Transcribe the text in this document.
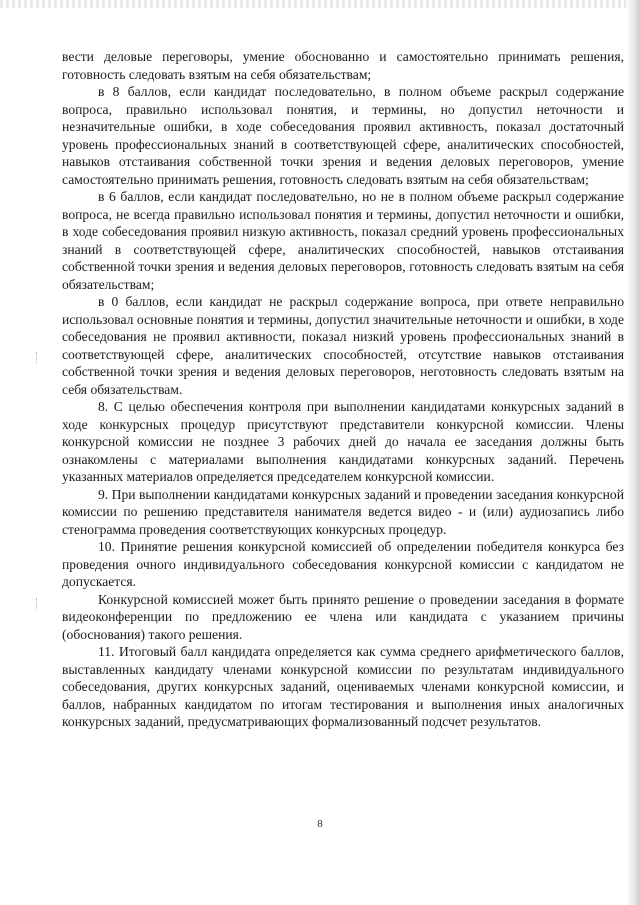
вести деловые переговоры, умение обоснованно и самостоятельно принимать решения, готовность следовать взятым на себя обязательствам;

в 8 баллов, если кандидат последовательно, в полном объеме раскрыл содержание вопроса, правильно использовал понятия, и термины, но допустил неточности и незначительные ошибки, в ходе собеседования проявил активность, показал достаточный уровень профессиональных знаний в соответствующей сфере, аналитических способностей, навыков отстаивания собственной точки зрения и ведения деловых переговоров, умение самостоятельно принимать решения, готовность следовать взятым на себя обязательствам;

в 6 баллов, если кандидат последовательно, но не в полном объеме раскрыл содержание вопроса, не всегда правильно использовал понятия и термины, допустил неточности и ошибки, в ходе собеседования проявил низкую активность, показал средний уровень профессиональных знаний в соответствующей сфере, аналитических способностей, навыков отстаивания собственной точки зрения и ведения деловых переговоров, готовность следовать взятым на себя обязательствам;

в 0 баллов, если кандидат не раскрыл содержание вопроса, при ответе неправильно использовал основные понятия и термины, допустил значительные неточности и ошибки, в ходе собеседования не проявил активности, показал низкий уровень профессиональных знаний в соответствующей сфере, аналитических способностей, отсутствие навыков отстаивания собственной точки зрения и ведения деловых переговоров, неготовность следовать взятым на себя обязательствам.

8. С целью обеспечения контроля при выполнении кандидатами конкурсных заданий в ходе конкурсных процедур присутствуют представители конкурсной комиссии. Члены конкурсной комиссии не позднее 3 рабочих дней до начала ее заседания должны быть ознакомлены с материалами выполнения кандидатами конкурсных заданий. Перечень указанных материалов определяется председателем конкурсной комиссии.

9. При выполнении кандидатами конкурсных заданий и проведении заседания конкурсной комиссии по решению представителя нанимателя ведется видео - и (или) аудиозапись либо стенограмма проведения соответствующих конкурсных процедур.

10. Принятие решения конкурсной комиссией об определении победителя конкурса без проведения очного индивидуального собеседования конкурсной комиссии с кандидатом не допускается.

Конкурсной комиссией может быть принято решение о проведении заседания в формате видеоконференции по предложению ее члена или кандидата с указанием причины (обоснования) такого решения.

11. Итоговый балл кандидата определяется как сумма среднего арифметического баллов, выставленных кандидату членами конкурсной комиссии по результатам индивидуального собеседования, других конкурсных заданий, оцениваемых членами конкурсной комиссии, и баллов, набранных кандидатом по итогам тестирования и выполнения иных аналогичных конкурсных заданий, предусматривающих формализованный подсчет результатов.

8
